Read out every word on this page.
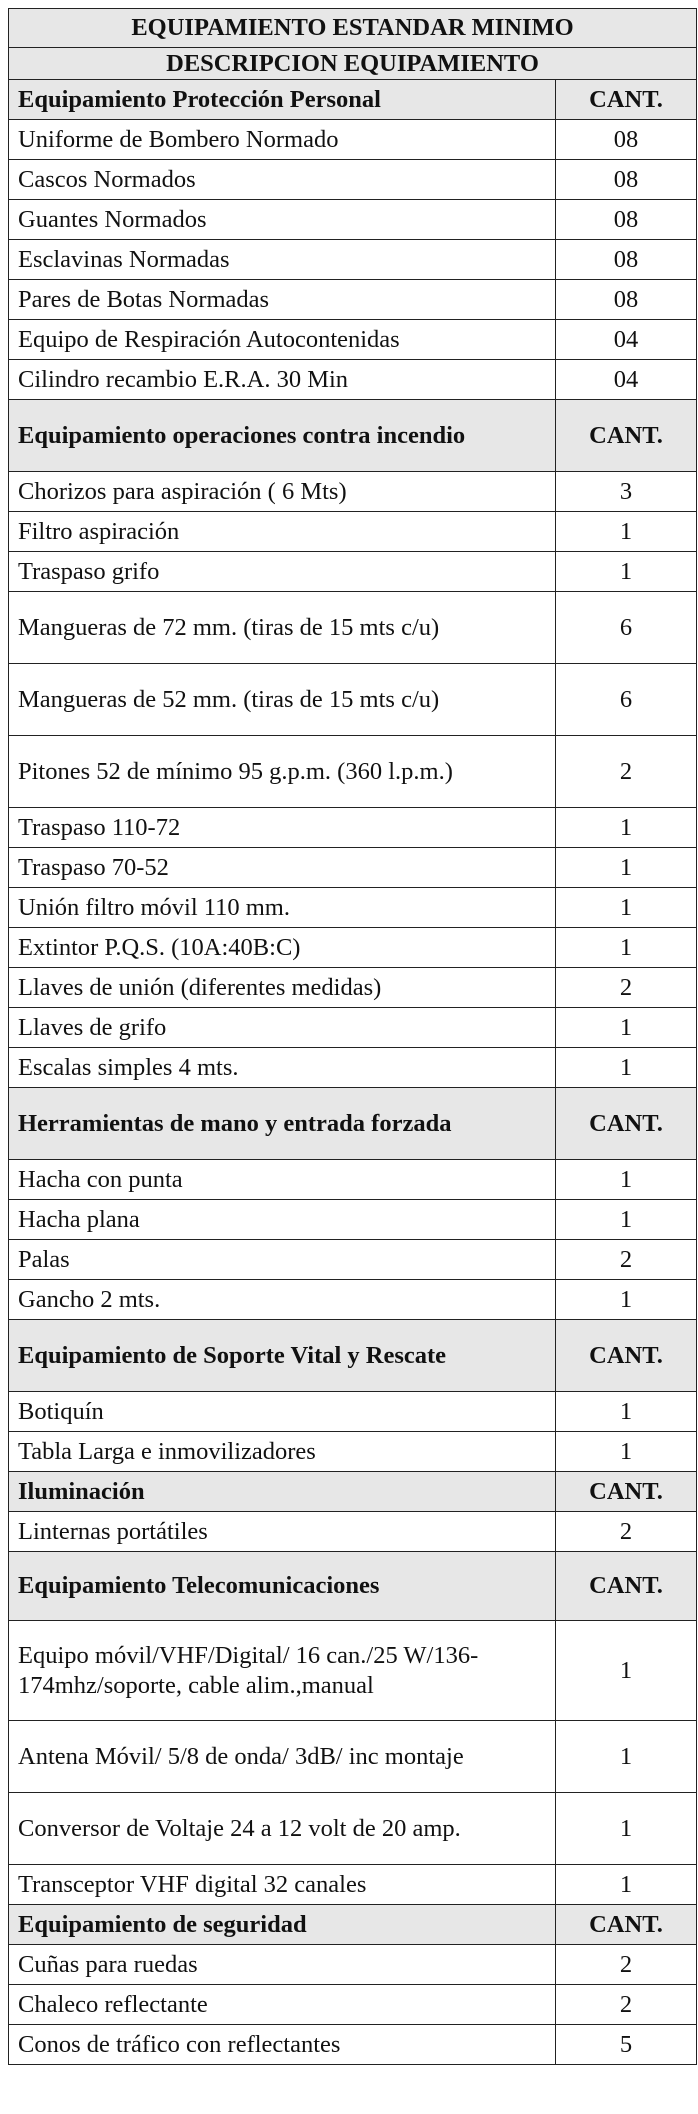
EQUIPAMIENTO ESTANDAR MINIMO	
DESCRIPCION EQUIPAMIENTO	
Equipamiento Protección Personal	CANT.
Uniforme de Bombero Normado	08
Cascos Normados	08
Guantes Normados	08
Esclavinas Normadas	08
Pares de Botas Normadas	08
Equipo de Respiración Autocontenidas	04
Cilindro recambio E.R.A. 30 Min	04
Equipamiento operaciones contra incendio	CANT.
Chorizos para aspiración ( 6 Mts)	3
Filtro aspiración	1
Traspaso grifo	1
Mangueras de 72 mm. (tiras de 15 mts c/u)	6
Mangueras de 52 mm. (tiras de 15 mts c/u)	6
Pitones 52 de mínimo 95 g.p.m. (360 l.p.m.)	2
Traspaso 110-72	1
Traspaso 70-52	1
Unión filtro móvil 110 mm.	1
Extintor P.Q.S. (10A:40B:C)	1
Llaves de unión (diferentes medidas)	2
Llaves de grifo	1
Escalas simples 4 mts.	1
Herramientas de mano y entrada forzada	CANT.
Hacha con punta	1
Hacha plana	1
Palas	2
Gancho 2 mts.	1
Equipamiento de Soporte Vital y Rescate	CANT.
Botiquín	1
Tabla Larga e inmovilizadores	1
Iluminación	CANT.
Linternas portátiles	2
Equipamiento Telecomunicaciones	CANT.
Equipo móvil/VHF/Digital/ 16 can./25 W/136-174mhz/soporte, cable alim.,manual	1
Antena Móvil/ 5/8 de onda/ 3dB/ inc montaje	1
Conversor de Voltaje 24 a 12 volt de 20 amp.	1
Transceptor VHF digital 32 canales	1
Equipamiento de seguridad	CANT.
Cuñas para ruedas	2
Chaleco reflectante	2
Conos de tráfico con reflectantes	5
